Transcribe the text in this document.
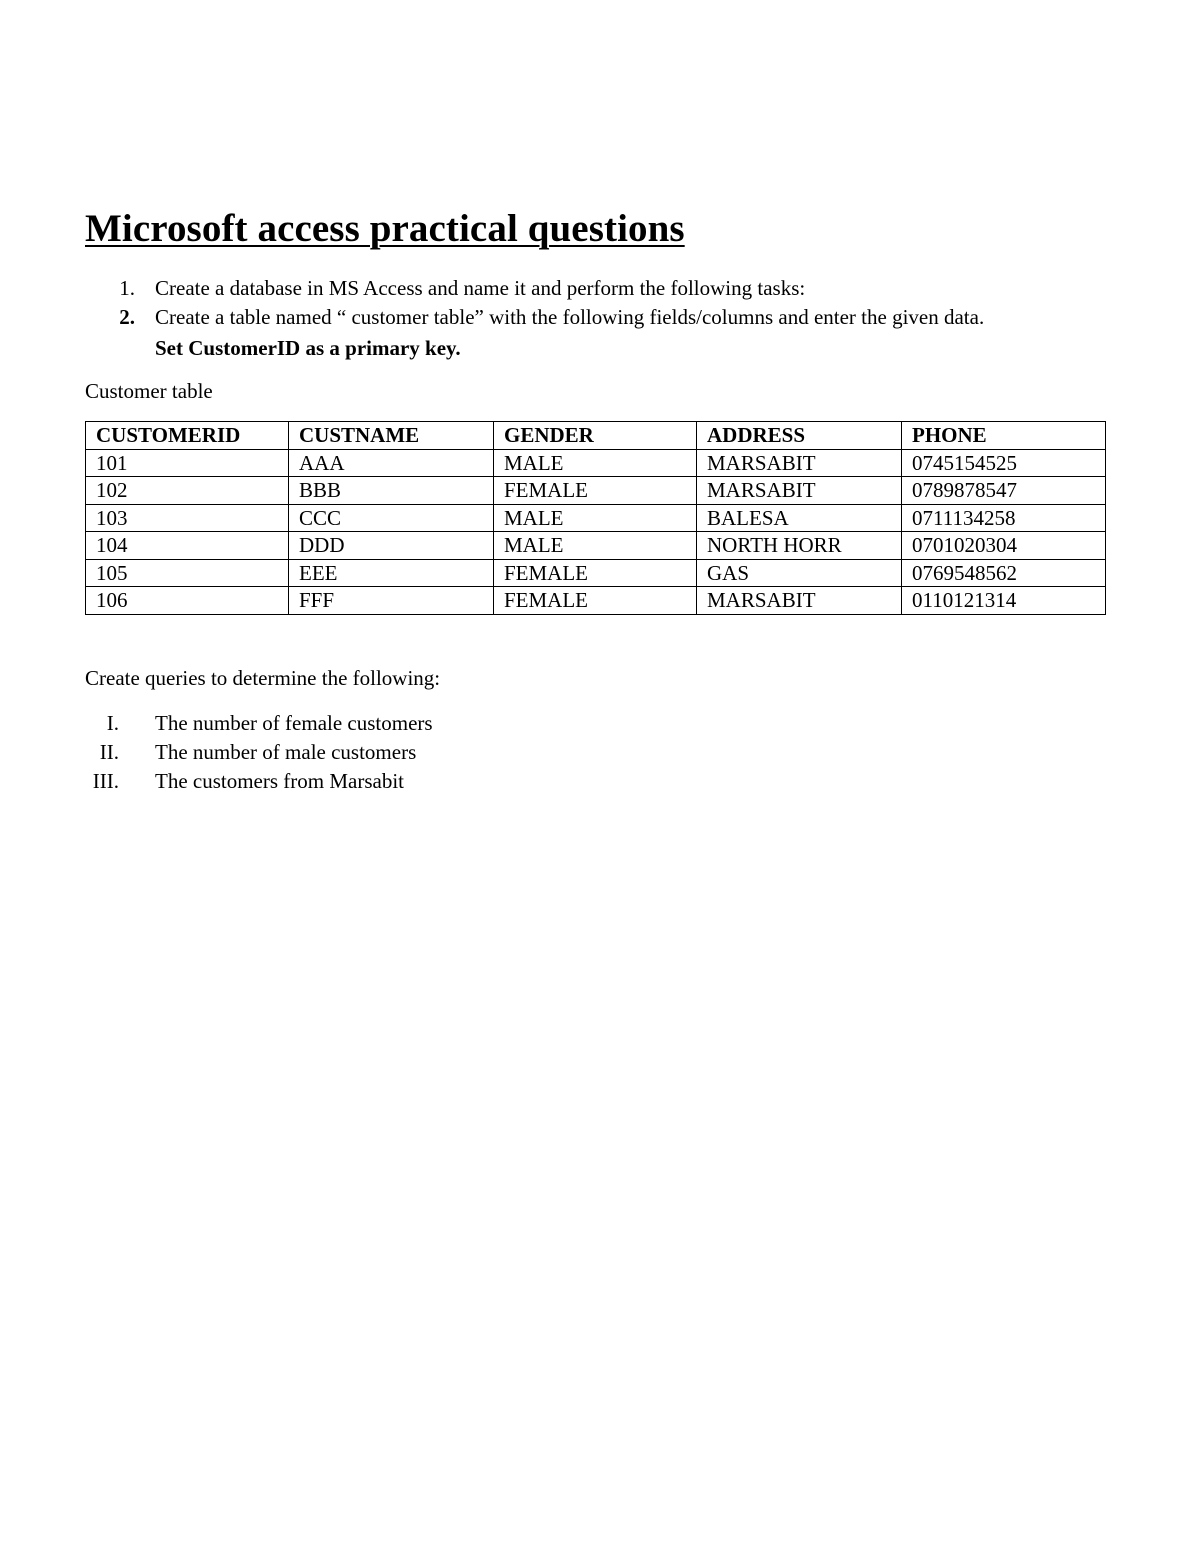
Microsoft access practical questions
1. Create a database in MS Access and name it and perform the following tasks:
2. Create a table named “ customer table” with the following fields/columns and enter the given data.
Set CustomerID as a primary key.
Customer table
CUSTOMERID	CUSTNAME	GENDER	ADDRESS	PHONE
101	AAA	MALE	MARSABIT	0745154525
102	BBB	FEMALE	MARSABIT	0789878547
103	CCC	MALE	BALESA	0711134258
104	DDD	MALE	NORTH HORR	0701020304
105	EEE	FEMALE	GAS	0769548562
106	FFF	FEMALE	MARSABIT	0110121314
Create queries to determine the following:
I. The number of female customers
II. The number of male customers
III. The customers from Marsabit
